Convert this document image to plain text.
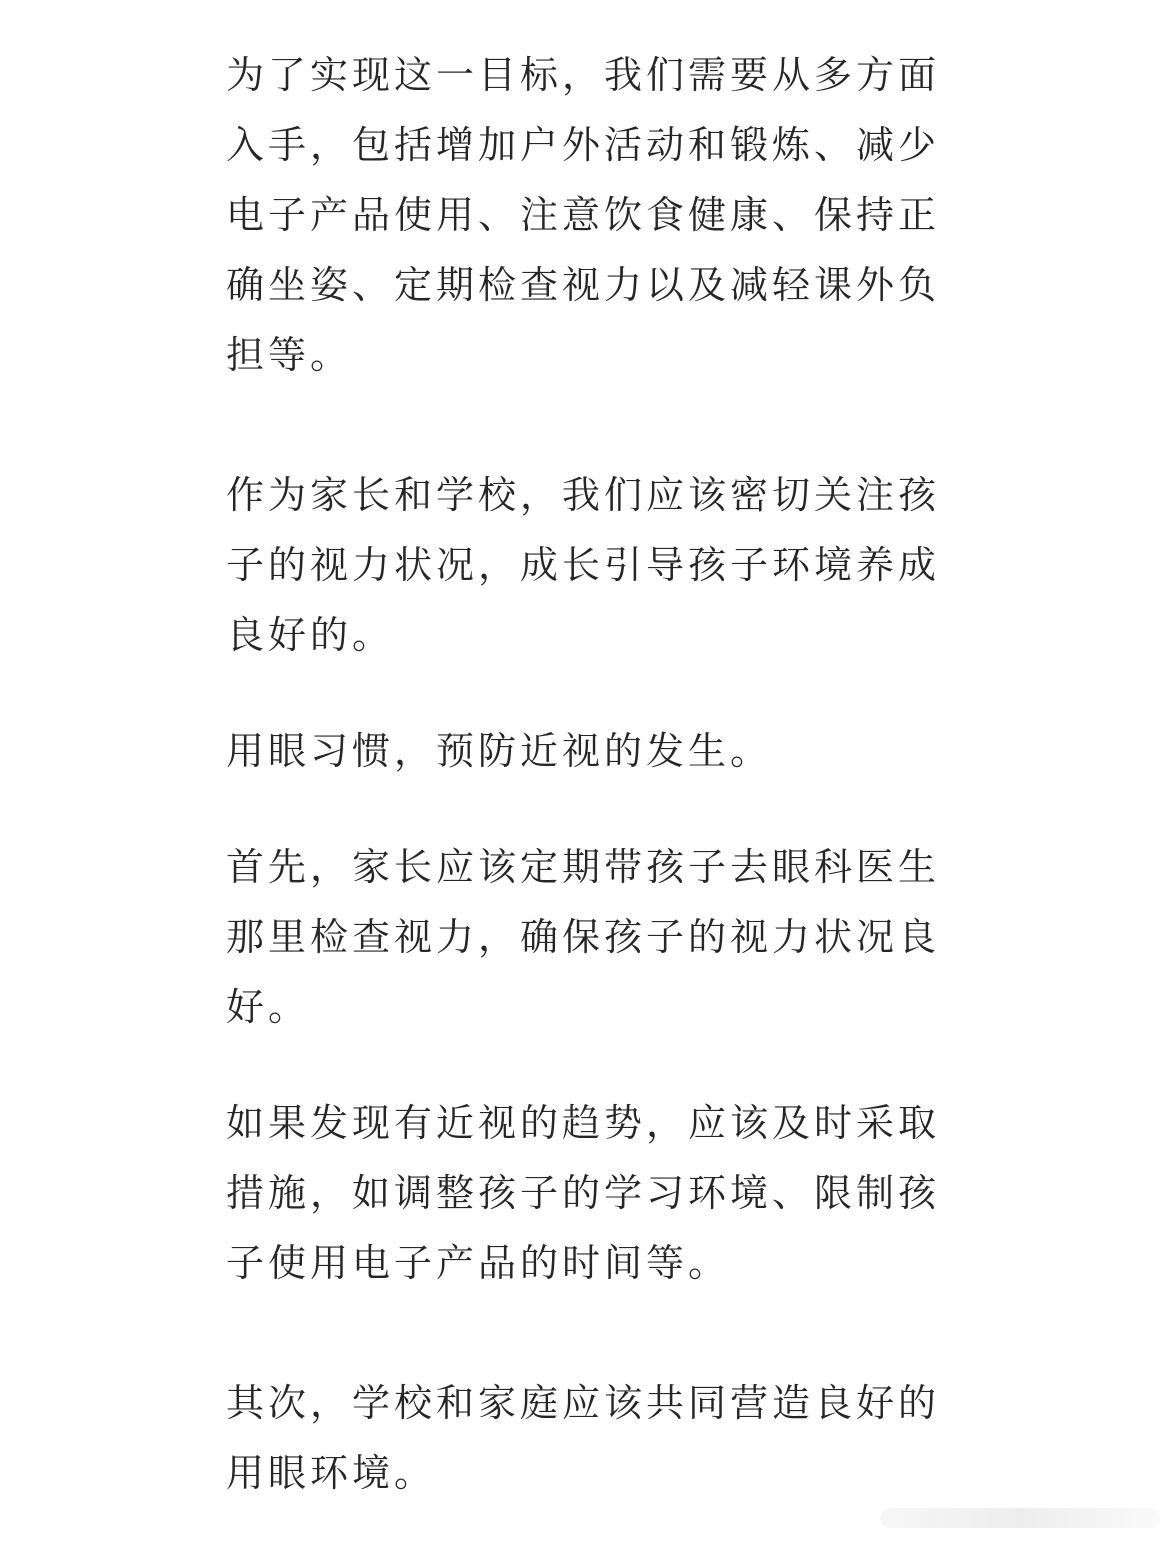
为了实现这一目标，我们需要从多方面
入手，包括增加户外活动和锻炼、减少
电子产品使用、注意饮食健康、保持正
确坐姿、定期检查视力以及减轻课外负
担等。
作为家长和学校，我们应该密切关注孩
子的视力状况，成长引导孩子环境养成
良好的。
用眼习惯，预防近视的发生。
首先，家长应该定期带孩子去眼科医生
那里检查视力，确保孩子的视力状况良
好。
如果发现有近视的趋势，应该及时采取
措施，如调整孩子的学习环境、限制孩
子使用电子产品的时间等。
其次，学校和家庭应该共同营造良好的
用眼环境。
